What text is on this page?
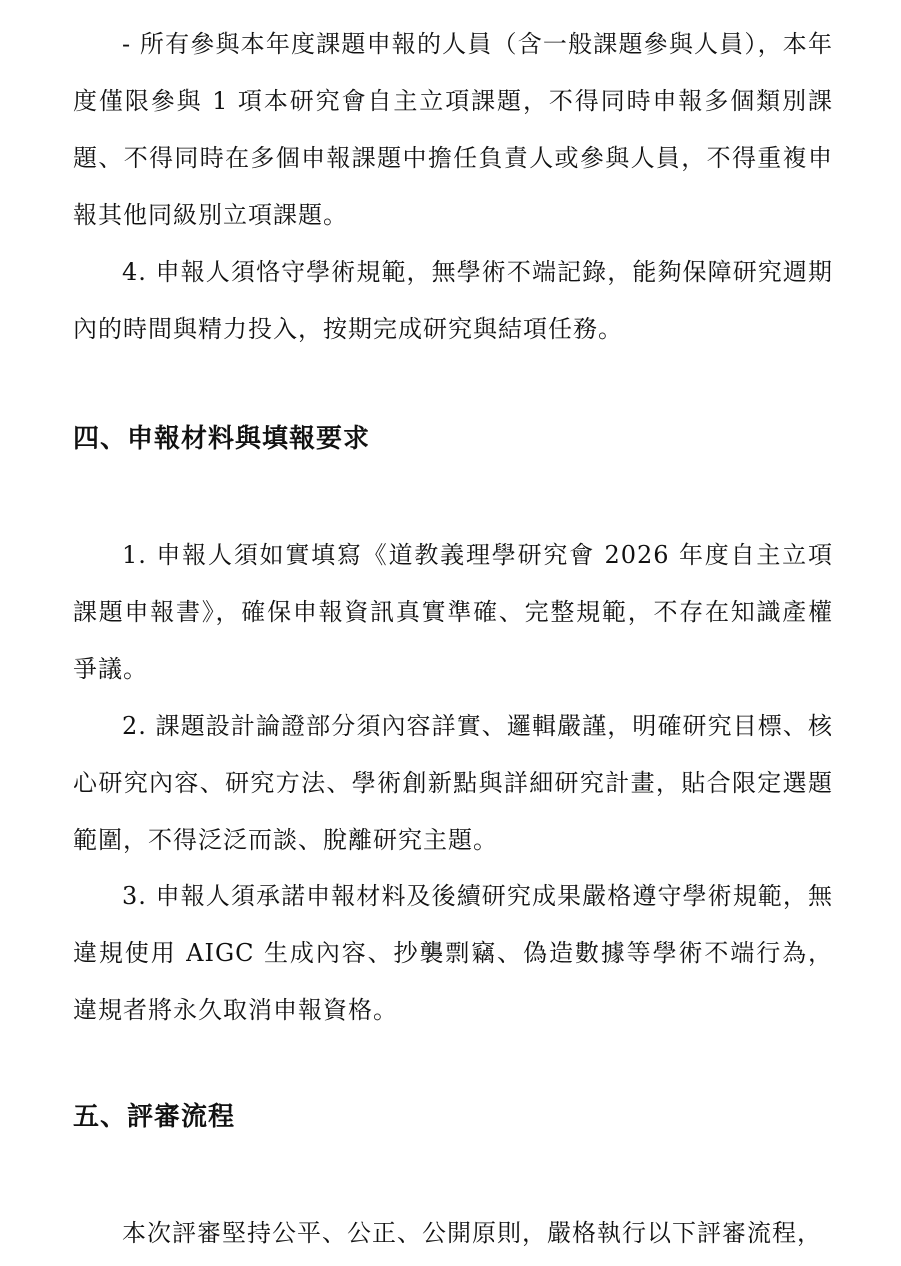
- 所有參與本年度課題申報的人員（含一般課題參與人員），本年度僅限參與 1 項本研究會自主立項課題，不得同時申報多個類別課題、不得同時在多個申報課題中擔任負責人或參與人員，不得重複申報其他同級別立項課題。

4. 申報人須恪守學術規範，無學術不端記錄，能夠保障研究週期內的時間與精力投入，按期完成研究與結項任務。

四、申報材料與填報要求

1. 申報人須如實填寫《道教義理學研究會 2026 年度自主立項課題申報書》，確保申報資訊真實準確、完整規範，不存在知識產權爭議。

2. 課題設計論證部分須內容詳實、邏輯嚴謹，明確研究目標、核心研究內容、研究方法、學術創新點與詳細研究計畫，貼合限定選題範圍，不得泛泛而談、脫離研究主題。

3. 申報人須承諾申報材料及後續研究成果嚴格遵守學術規範，無違規使用 AIGC 生成內容、抄襲剽竊、偽造數據等學術不端行為，違規者將永久取消申報資格。

五、評審流程

本次評審堅持公平、公正、公開原則，嚴格執行以下評審流程，
